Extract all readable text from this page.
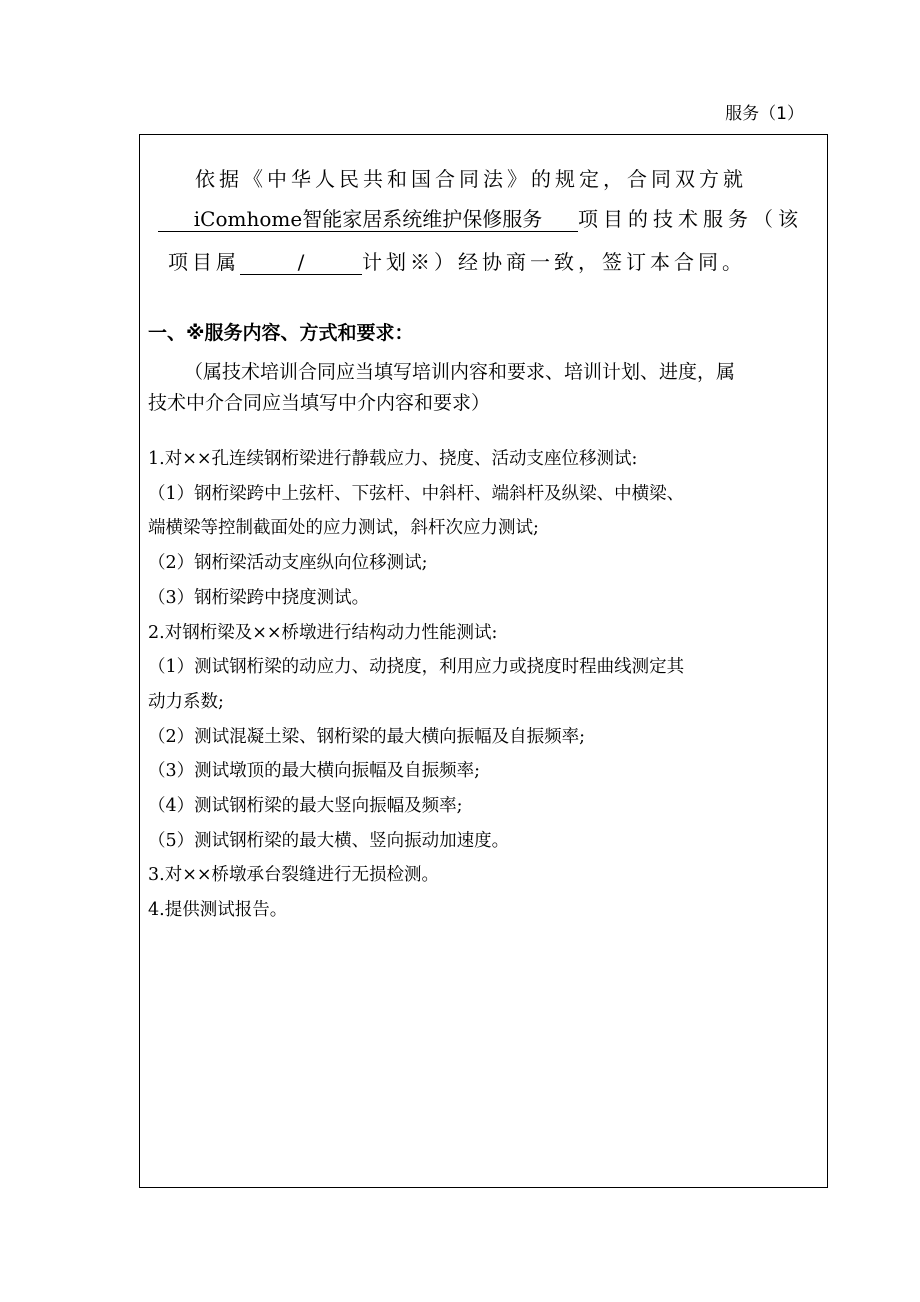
服务（1）
依据《中华人民共和国合同法》的规定，合同双方就
iComhome智能家居系统维护保修服务 项目的技术服务（该
项目属	/	计划※）经协商一致，签订本合同。
一、※服务内容、方式和要求：
（属技术培训合同应当填写培训内容和要求、培训计划、进度，属
技术中介合同应当填写中介内容和要求）
1.对××孔连续钢桁梁进行静载应力、挠度、活动支座位移测试:
（1）钢桁梁跨中上弦杆、下弦杆、中斜杆、端斜杆及纵梁、中横梁、
端横梁等控制截面处的应力测试，斜杆次应力测试;
（2）钢桁梁活动支座纵向位移测试;
（3）钢桁梁跨中挠度测试。
2.对钢桁梁及××桥墩进行结构动力性能测试:
（1）测试钢桁梁的动应力、动挠度，利用应力或挠度时程曲线测定其
动力系数;
（2）测试混凝土梁、钢桁梁的最大横向振幅及自振频率;
（3）测试墩顶的最大横向振幅及自振频率;
（4）测试钢桁梁的最大竖向振幅及频率;
（5）测试钢桁梁的最大横、竖向振动加速度。
3.对××桥墩承台裂缝进行无损检测。
4.提供测试报告。
